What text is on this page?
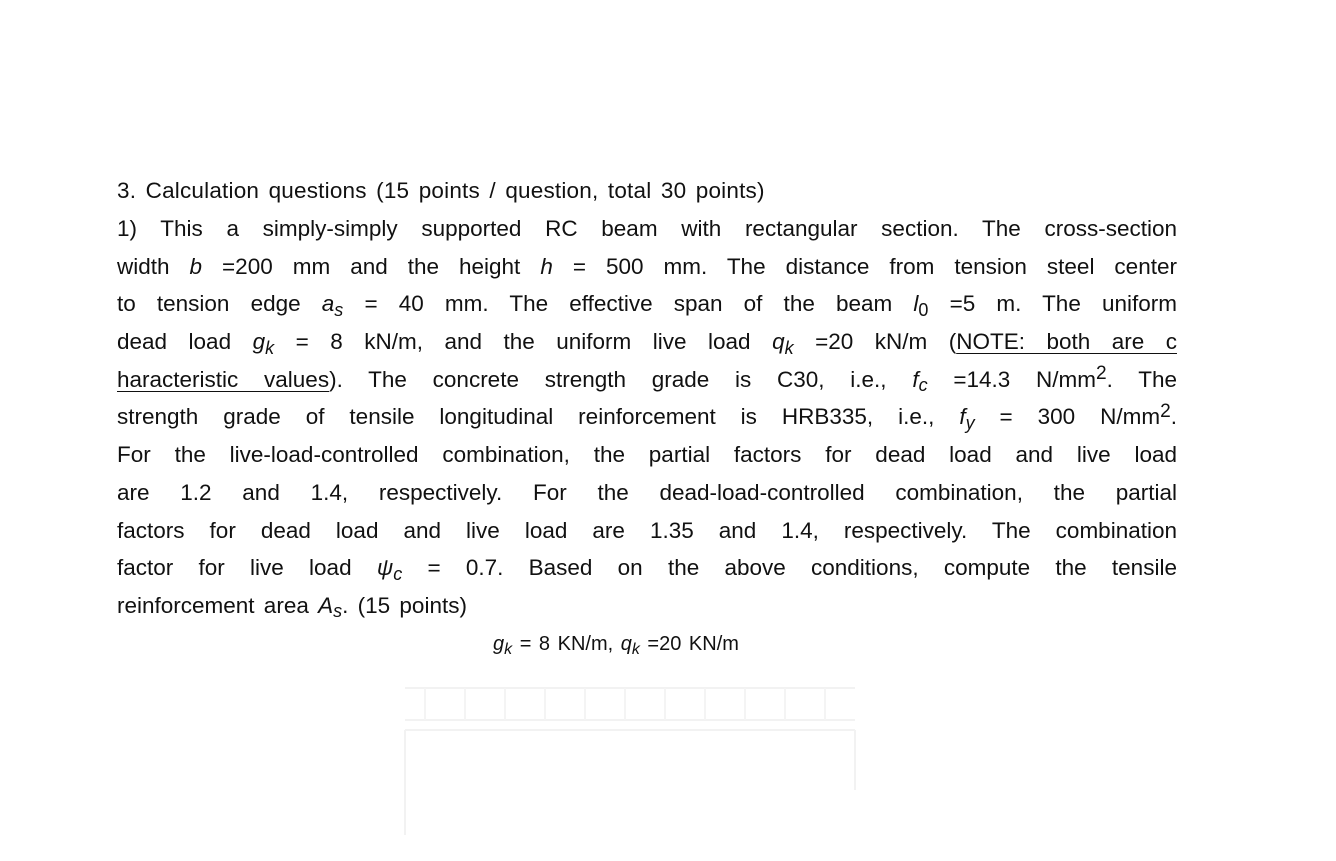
3. Calculation questions (15 points / question, total 30 points)
1) This a simply-simply supported RC beam with rectangular section. The cross-section
width b =200 mm and the height h = 500 mm. The distance from tension steel center
to tension edge $a_s = 40$ mm. The effective span of the beam $l_0 =5$ m. The uniform
dead load $g_k = 8$ kN/m, and the uniform live load $q_k =20$ kN/m (NOTE: both are c
haracteristic values). The concrete strength grade is C30, i.e., $f_c =14.3$ $N/mm^2$. The
strength grade of tensile longitudinal reinforcement is HRB335, i.e., $f_y = 300$ $N/mm^2$.
For the live-load-controlled combination, the partial factors for dead load and live load
are 1.2 and 1.4, respectively. For the dead-load-controlled combination, the partial
factors for dead load and live load are 1.35 and 1.4, respectively. The combination
factor for live load $\psi_c = 0.7$. Based on the above conditions, compute the tensile
reinforcement area $A_s$. (15 points)
$g_k = 8$ KN/m, $q_k =20$ KN/m
